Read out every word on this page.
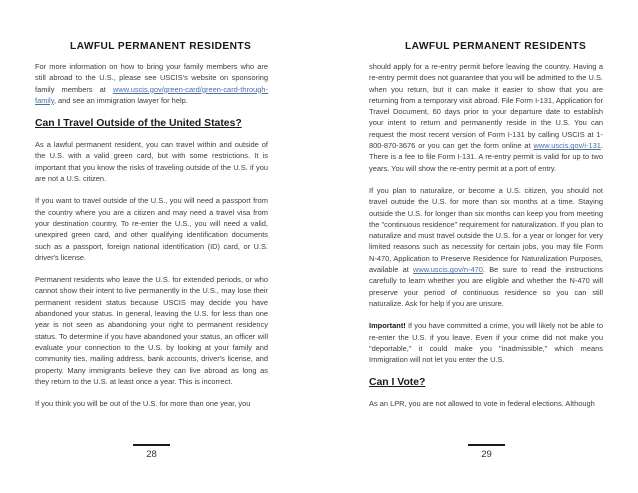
LAWFUL PERMANENT RESIDENTS

For more information on how to bring your family members who are still abroad to the U.S., please see USCIS's website on sponsoring family members at www.uscis.gov/green-card/green-card-through-family, and see an immigration lawyer for help.

Can I Travel Outside of the United States?

As a lawful permanent resident, you can travel within and outside of the U.S. with a valid green card, but with some restrictions. It is important that you know the risks of traveling outside of the U.S. if you are not a U.S. citizen.

If you want to travel outside of the U.S., you will need a passport from the country where you are a citizen and may need a travel visa from your destination country. To re-enter the U.S., you will need a valid, unexpired green card, and other qualifying identification documents such as a passport, foreign national identification (ID) card, or U.S. driver's license.

Permanent residents who leave the U.S. for extended periods, or who cannot show their intent to live permanently in the U.S., may lose their permanent resident status because USCIS may decide you have abandoned your status. In general, leaving the U.S. for less than one year is not seen as abandoning your right to permanent residency status. To determine if you have abandoned your status, an officer will evaluate your connection to the U.S. by looking at your family and community ties, mailing address, bank accounts, driver's license, and property. Many immigrants believe they can live abroad as long as they return to the U.S. at least once a year. This is incorrect.

If you think you will be out of the U.S. for more than one year, you

28
LAWFUL PERMANENT RESIDENTS

should apply for a re-entry permit before leaving the country. Having a re-entry permit does not guarantee that you will be admitted to the U.S. when you return, but it can make it easier to show that you are returning from a temporary visit abroad. File Form I-131, Application for Travel Document, 60 days prior to your departure date to establish your intent to return and permanently reside in the U.S. You can request the most recent version of Form I-131 by calling USCIS at 1-800-870-3676 or you can get the form online at www.uscis.gov/i-131. There is a fee to file Form I-131. A re-entry permit is valid for up to two years. You will show the re-entry permit at a port of entry.

If you plan to naturalize, or become a U.S. citizen, you should not travel outside the U.S. for more than six months at a time. Staying outside the U.S. for longer than six months can keep you from meeting the "continuous residence" requirement for naturalization. If you plan to naturalize and must travel outside the U.S. for a year or longer for very limited reasons such as necessity for certain jobs, you may file Form N-470, Application to Preserve Residence for Naturalization Purposes, available at www.uscis.gov/n-470. Be sure to read the instructions carefully to learn whether you are eligible and whether the N-470 will preserve your period of continuous residence so you can still naturalize. Ask for help if you are unsure.

Important! If you have committed a crime, you will likely not be able to re-enter the U.S. if you leave. Even if your crime did not make you "deportable," it could make you "inadmissible," which means Immigration will not let you enter the U.S.

Can I Vote?

As an LPR, you are not allowed to vote in federal elections. Although

29
